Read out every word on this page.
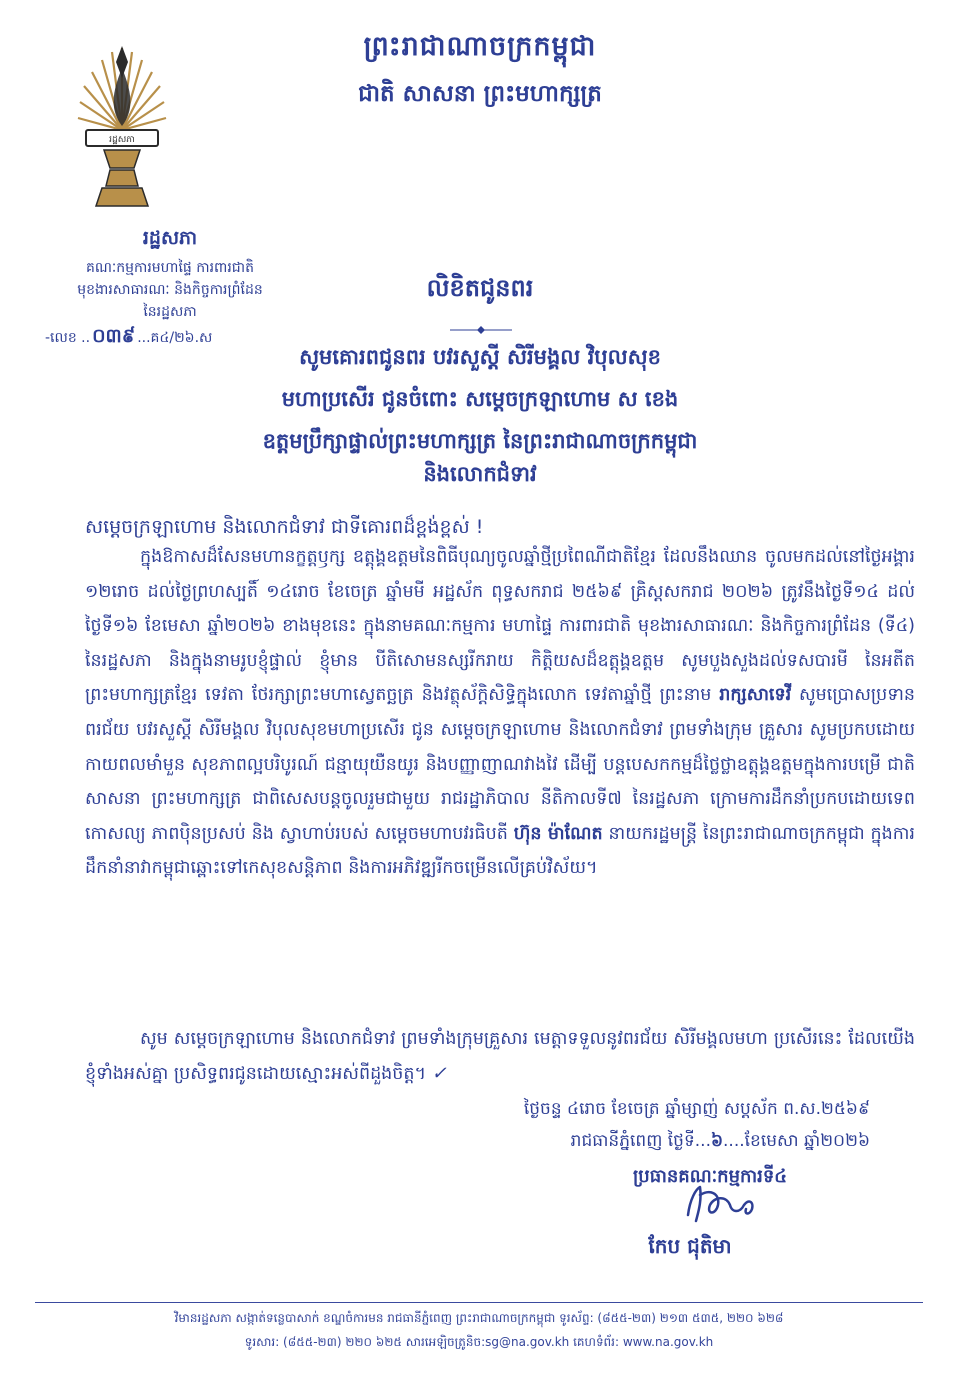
ព្រះរាជាណាចក្រកម្ពុជា
ជាតិ សាសនា ព្រះមហាក្សត្រ
រដ្ឋសភា
រដ្ឋសភា
គណៈកម្មការមហាផ្ទៃ ការពារជាតិ
មុខងារសាធារណៈ និងកិច្ចការព្រំដែន
នៃរដ្ឋសភា
-លេខ .. ០៣៩ ...គ៤/២៦.ស
លិខិតជូនពរ
សូមគោរពជូនពរ បវរសួស្តី សិរីមង្គល វិបុលសុខ
មហាប្រសើរ ជូនចំពោះ សម្តេចក្រឡាហោម ស ខេង
ឧត្តមប្រឹក្សាផ្ទាល់ព្រះមហាក្សត្រ នៃព្រះរាជាណាចក្រកម្ពុជា
និងលោកជំទាវ
សម្តេចក្រឡាហោម និងលោកជំទាវ ជាទីគោរពដ៏ខ្ពង់ខ្ពស់ !
ក្នុងឱកាសដ៏សែនមហានក្ខត្តឫក្ស ឧត្តុង្គឧត្តមនៃពិធីបុណ្យចូលឆ្នាំថ្មីប្រពៃណីជាតិខ្មែរ ដែលនឹងឈាន ចូលមកដល់នៅថ្ងៃអង្គារ ១២រោច ដល់ថ្ងៃព្រហស្បតិ៍ ១៤រោច ខែចេត្រ ឆ្នាំមមី អដ្ឋស័ក ពុទ្ធសករាជ ២៥៦៩ គ្រិស្តសករាជ ២០២៦ ត្រូវនឹងថ្ងៃទី១៤ ដល់ថ្ងៃទី១៦ ខែមេសា ឆ្នាំ២០២៦ ខាងមុខនេះ ក្នុងនាមគណៈកម្មការ មហាផ្ទៃ ការពារជាតិ មុខងារសាធារណៈ និងកិច្ចការព្រំដែន (ទី៤) នៃរដ្ឋសភា និងក្នុងនាមរូបខ្ញុំផ្ទាល់ ខ្ញុំមាន បីតិសោមនស្សរីករាយ កិត្តិយសដ៏ឧត្តុង្គឧត្តម សូមបួងសួងដល់ទសបារមី នៃអតីតព្រះមហាក្សត្រខ្មែរ ទេវតា ថែរក្សាព្រះមហាស្វេតច្ឆត្រ និងវត្ថុស័ក្តិសិទ្ធិក្នុងលោក ទេវតាឆ្នាំថ្មី ព្រះនាម រាក្សសាទេវី សូមប្រោសប្រទាន ពរជ័យ បវរសួស្តី សិរីមង្គល វិបុលសុខមហាប្រសើរ ជូន សម្តេចក្រឡាហោម និងលោកជំទាវ ព្រមទាំងក្រុម គ្រួសារ សូមប្រកបដោយកាយពលមាំមួន សុខភាពល្អបរិបូរណ៍ ជន្មាយុយឺនយូរ និងបញ្ញាញាណវាងវៃ ដើម្បី បន្តបេសកកម្មដ៏ថ្លៃថ្លាឧត្តុង្គឧត្តមក្នុងការបម្រើ ជាតិ សាសនា ព្រះមហាក្សត្រ ជាពិសេសបន្តចូលរួមជាមួយ រាជរដ្ឋាភិបាល នីតិកាលទី៧ នៃរដ្ឋសភា ក្រោមការដឹកនាំប្រកបដោយទេពកោសល្យ ភាពប៉ិនប្រសប់ និង ស្វាហាប់របស់ សម្តេចមហាបវរធិបតី ហ៊ុន ម៉ាណែត នាយករដ្ឋមន្ត្រី នៃព្រះរាជាណាចក្រកម្ពុជា ក្នុងការ ដឹកនាំនាវាកម្ពុជាឆ្ពោះទៅកេសុខសន្តិភាព និងការអភិវឌ្ឍរីកចម្រើនលើគ្រប់វិស័យ។
សូម សម្តេចក្រឡាហោម និងលោកជំទាវ ព្រមទាំងក្រុមគ្រួសារ មេត្តាទទួលនូវពរជ័យ សិរីមង្គលមហា ប្រសើរនេះ ដែលយើងខ្ញុំទាំងអស់គ្នា ប្រសិទ្ធពរជូនដោយស្មោះអស់ពីដួងចិត្ត។ ✓
ថ្ងៃចន្ទ ៤រោច ខែចេត្រ ឆ្នាំម្សាញ់ សប្តស័ក ព.ស.២៥៦៩
រាជធានីភ្នំពេញ ថ្ងៃទី...៦....ខែមេសា ឆ្នាំ២០២៦
ប្រធានគណៈកម្មការទី៤
កែប ជុតិមា
វិមានរដ្ឋសភា សង្កាត់ទន្លេបាសាក់ ខណ្ឌចំការមន រាជធានីភ្នំពេញ ព្រះរាជាណាចក្រកម្ពុជា ទូរស័ព្ទ: (៨៥៥-២៣) ២១៣ ៥៣៥, ២២០ ៦២៨
ទូរសារ: (៨៥៥-២៣) ២២០ ៦២៥ សារអេឡិចត្រូនិច:sg@na.gov.kh គេហទំព័រ: www.na.gov.kh
